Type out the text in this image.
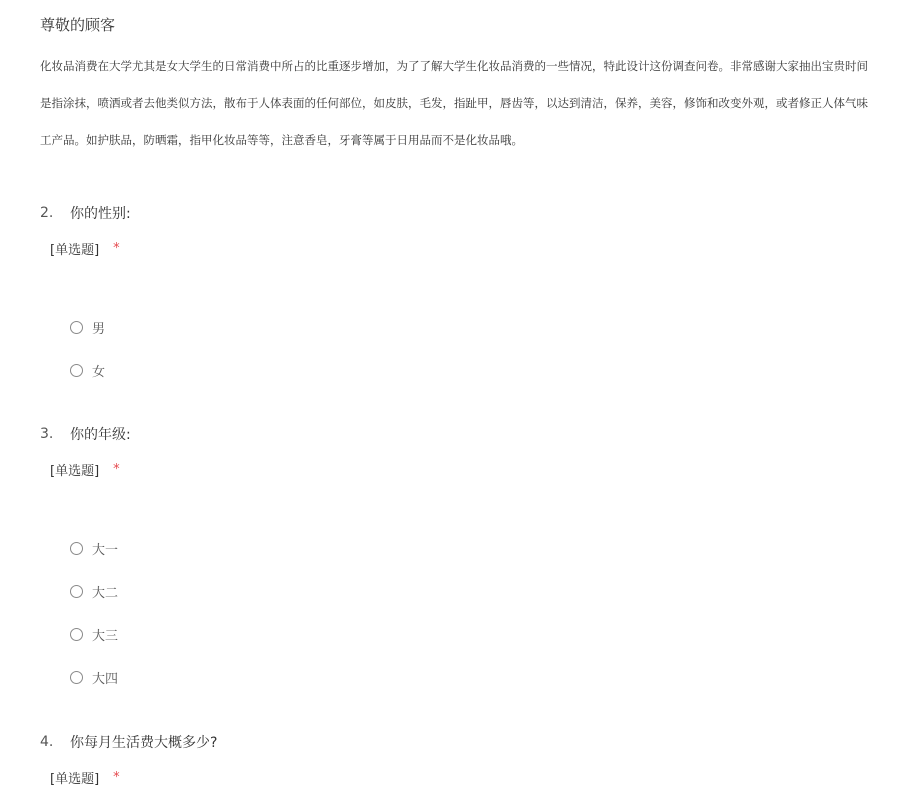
尊敬的顾客
化妆品消费在大学尤其是女大学生的日常消费中所占的比重逐步增加，为了了解大学生化妆品消费的一些情况，特此设计这份调查问卷。非常感谢大家抽出宝贵时间
是指涂抹，喷洒或者去他类似方法，散布于人体表面的任何部位，如皮肤，毛发，指趾甲，唇齿等，以达到清洁，保养，美容，修饰和改变外观，或者修正人体气味
工产品。如护肤品，防晒霜，指甲化妆品等等，注意香皂，牙膏等属于日用品而不是化妆品哦。
2.	你的性别:
[单选题] *
男
女
3.	你的年级:
[单选题] *
大一
大二
大三
大四
4.	你每月生活费大概多少?
[单选题] *
